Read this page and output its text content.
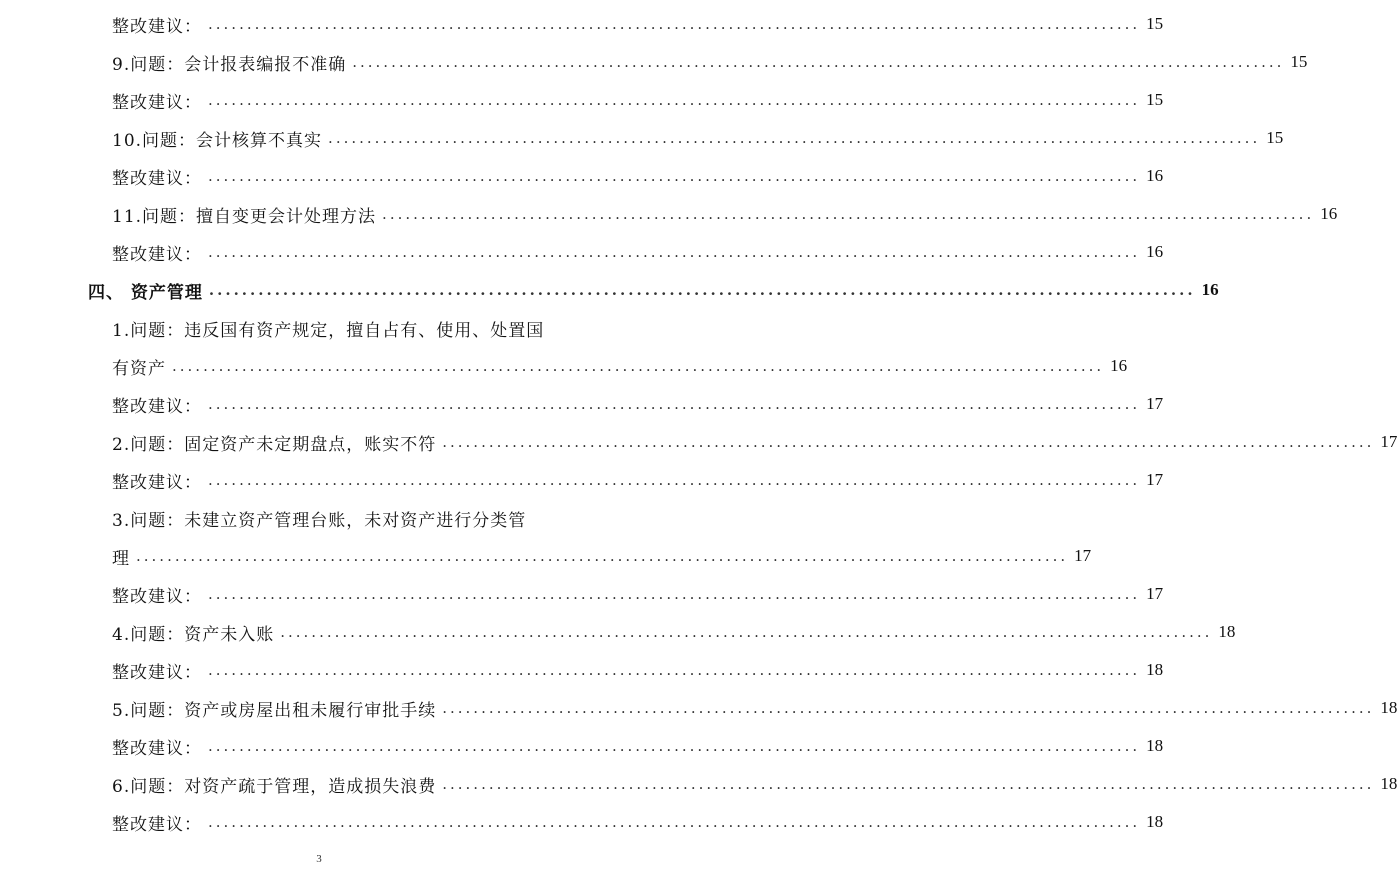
整改建议： ........................................................................................................................ 15
9.问题：会计报表编报不准确 ........................................................................................................................ 15
整改建议： ........................................................................................................................ 15
10.问题：会计核算不真实 ........................................................................................................................ 15
整改建议： ........................................................................................................................ 16
11.问题：擅自变更会计处理方法 ........................................................................................................................ 16
整改建议： ........................................................................................................................ 16
四、 资产管理 ........................................................................................................................ 16
1.问题：违反国有资产规定，擅自占有、使用、处置国
有资产 ........................................................................................................................ 16
整改建议： ........................................................................................................................ 17
2.问题：固定资产未定期盘点，账实不符 ........................................................................................................................ 17
整改建议： ........................................................................................................................ 17
3.问题：未建立资产管理台账，未对资产进行分类管
理 ........................................................................................................................ 17
整改建议： ........................................................................................................................ 17
4.问题：资产未入账 ........................................................................................................................ 18
整改建议： ........................................................................................................................ 18
5.问题：资产或房屋出租未履行审批手续 ........................................................................................................................ 18
整改建议： ........................................................................................................................ 18
6.问题：对资产疏于管理，造成损失浪费 ........................................................................................................................ 18
整改建议： ........................................................................................................................ 18
3
